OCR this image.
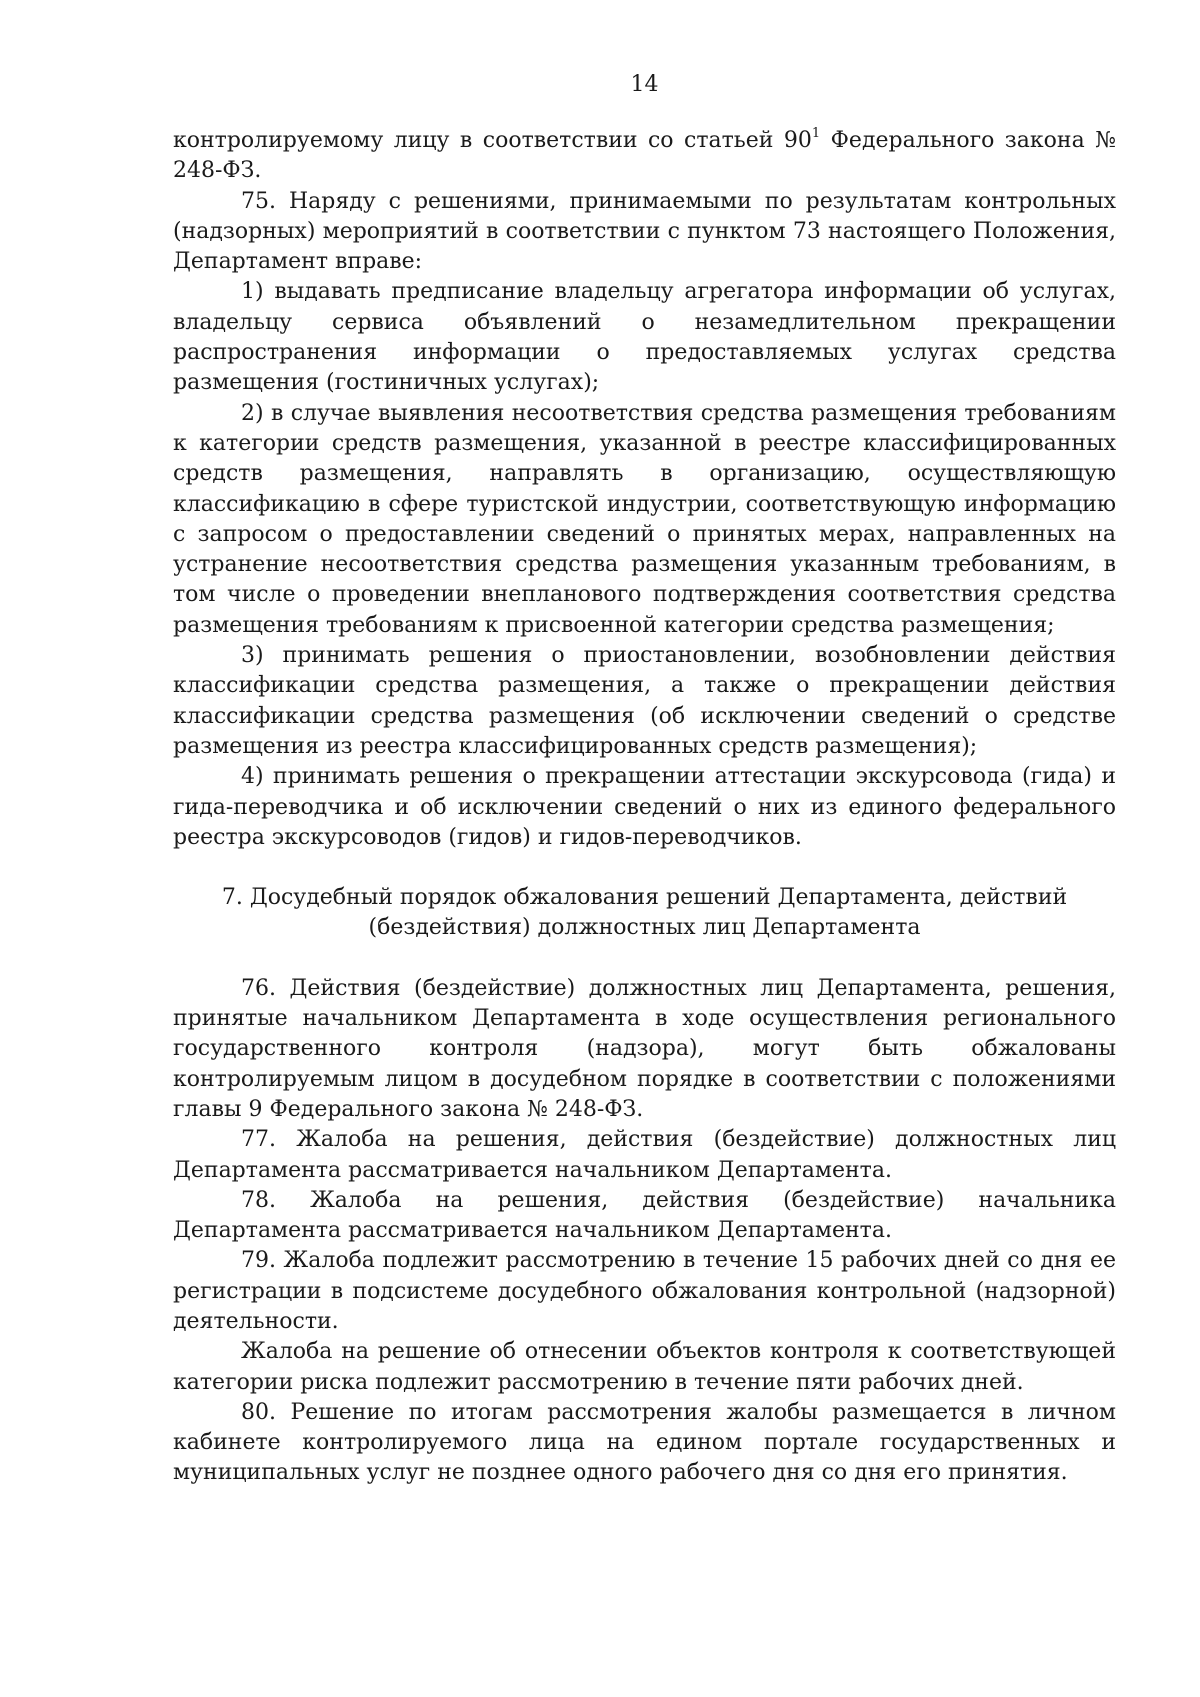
14

контролируемому лицу в соответствии со статьей $90^1$ Федерального закона № 248-ФЗ.

75. Наряду с решениями, принимаемыми по результатам контрольных (надзорных) мероприятий в соответствии с пунктом 73 настоящего Положения, Департамент вправе:

1) выдавать предписание владельцу агрегатора информации об услугах, владельцу сервиса объявлений о незамедлительном прекращении распространения информации о предоставляемых услугах средства размещения (гостиничных услугах);

2) в случае выявления несоответствия средства размещения требованиям к категории средств размещения, указанной в реестре классифицированных средств размещения, направлять в организацию, осуществляющую классификацию в сфере туристской индустрии, соответствующую информацию с запросом о предоставлении сведений о принятых мерах, направленных на устранение несоответствия средства размещения указанным требованиям, в том числе о проведении внепланового подтверждения соответствия средства размещения требованиям к присвоенной категории средства размещения;

3) принимать решения о приостановлении, возобновлении действия классификации средства размещения, а также о прекращении действия классификации средства размещения (об исключении сведений о средстве размещения из реестра классифицированных средств размещения);

4) принимать решения о прекращении аттестации экскурсовода (гида) и гида-переводчика и об исключении сведений о них из единого федерального реестра экскурсоводов (гидов) и гидов-переводчиков.

7. Досудебный порядок обжалования решений Департамента, действий
(бездействия) должностных лиц Департамента

76. Действия (бездействие) должностных лиц Департамента, решения, принятые начальником Департамента в ходе осуществления регионального государственного контроля (надзора), могут быть обжалованы контролируемым лицом в досудебном порядке в соответствии с положениями главы 9 Федерального закона № 248-ФЗ.

77. Жалоба на решения, действия (бездействие) должностных лиц Департамента рассматривается начальником Департамента.

78. Жалоба на решения, действия (бездействие) начальника Департамента рассматривается начальником Департамента.

79. Жалоба подлежит рассмотрению в течение 15 рабочих дней со дня ее регистрации в подсистеме досудебного обжалования контрольной (надзорной) деятельности.

Жалоба на решение об отнесении объектов контроля к соответствующей категории риска подлежит рассмотрению в течение пяти рабочих дней.

80. Решение по итогам рассмотрения жалобы размещается в личном кабинете контролируемого лица на едином портале государственных и муниципальных услуг не позднее одного рабочего дня со дня его принятия.
